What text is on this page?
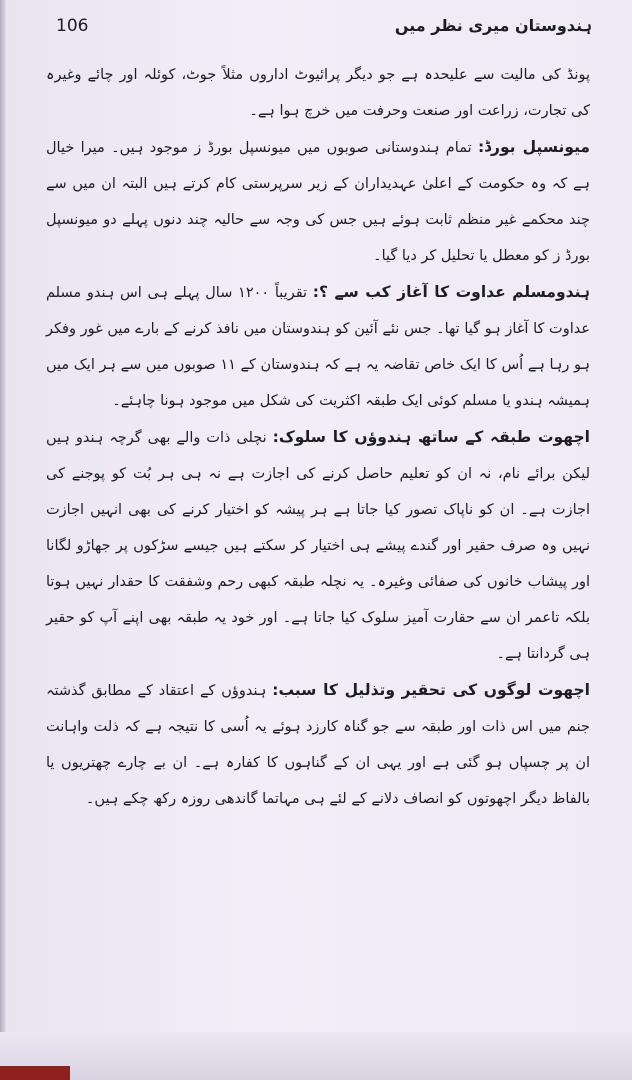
106	ہندوستان میری نظر میں

پونڈ کی مالیت سے علیحدہ ہے جو دیگر پرائیوٹ اداروں مثلاً جوٹ، کوئلہ اور چائے وغیرہ کی تجارت، زراعت اور صنعت وحرفت میں خرچ ہوا ہے۔

میونسپل بورڈ: تمام ہندوستانی صوبوں میں میونسپل بورڈ ز موجود ہیں۔ میرا خیال ہے کہ وہ حکومت کے اعلیٰ عہدیداران کے زیر سرپرستی کام کرتے ہیں البتہ ان میں سے چند محکمے غیر منظم ثابت ہوئے ہیں جس کی وجہ سے حالیہ چند دنوں پہلے دو میونسپل بورڈ ز کو معطل یا تحلیل کر دیا گیا۔

ہندومسلم عداوت کا آغاز کب سے ؟: تقریباً ۱۲۰۰ سال پہلے ہی اس ہندو مسلم عداوت کا آغاز ہو گیا تھا۔ جس نئے آئین کو ہندوستان میں نافذ کرنے کے بارے میں غور وفکر ہو رہا ہے اُس کا ایک خاص تقاضہ یہ ہے کہ ہندوستان کے ۱۱ صوبوں میں سے ہر ایک میں ہمیشہ ہندو یا مسلم کوئی ایک طبقہ اکثریت کی شکل میں موجود ہونا چاہئے۔

اچھوت طبقہ کے ساتھ ہندوؤں کا سلوک: نچلی ذات والے بھی گرچہ ہندو ہیں لیکن برائے نام، نہ ان کو تعلیم حاصل کرنے کی اجازت ہے نہ ہی ہر بُت کو پوجنے کی اجازت ہے۔ ان کو ناپاک تصور کیا جاتا ہے ہر پیشہ کو اختیار کرنے کی بھی انہیں اجازت نہیں وہ صرف حقیر اور گندے پیشے ہی اختیار کر سکتے ہیں جیسے سڑکوں پر جھاڑو لگانا اور پیشاب خانوں کی صفائی وغیرہ۔ یہ نچلہ طبقہ کبھی رحم وشفقت کا حقدار نہیں ہوتا بلکہ تاعمر ان سے حقارت آمیز سلوک کیا جاتا ہے۔ اور خود یہ طبقہ بھی اپنے آپ کو حقیر ہی گردانتا ہے۔

اچھوت لوگوں کی تحقیر وتذلیل کا سبب: ہندوؤں کے اعتقاد کے مطابق گذشتہ جنم میں اس ذات اور طبقہ سے جو گناہ کارزد ہوئے یہ اُسی کا نتیجہ ہے کہ ذلت واہانت ان پر چسپاں ہو گئی ہے اور یہی ان کے گناہوں کا کفارہ ہے۔ ان بے چارے چھتریوں یا بالفاظ دیگر اچھوتوں کو انصاف دلانے کے لئے ہی مہاتما گاندھی روزہ رکھ چکے ہیں۔
